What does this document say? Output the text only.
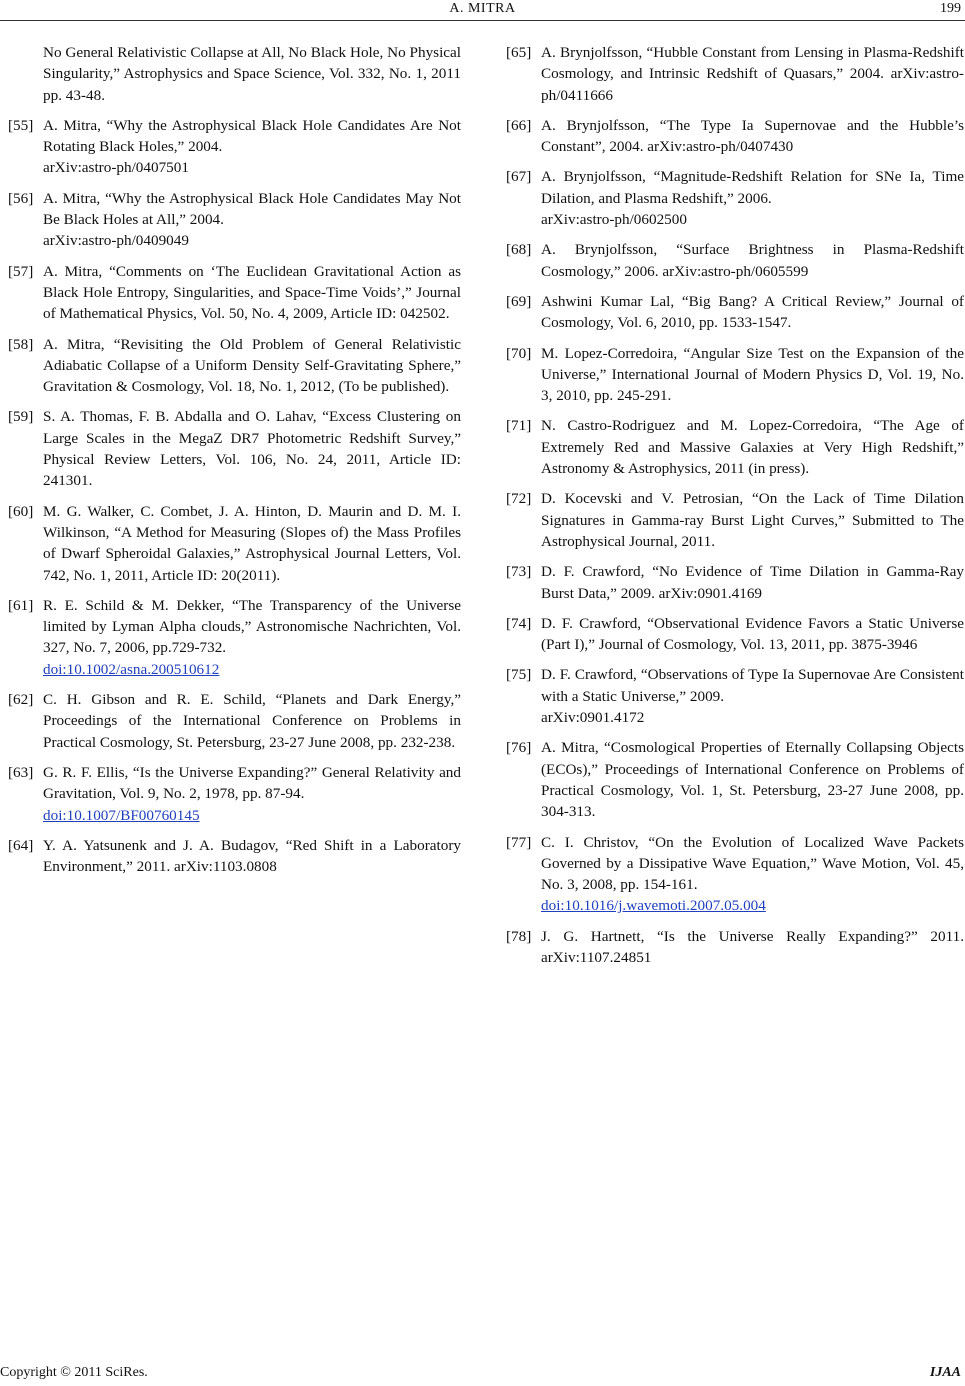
A. MITRA	199
No General Relativistic Collapse at All, No Black Hole, No Physical Singularity,” Astrophysics and Space Science, Vol. 332, No. 1, 2011 pp. 43-48.
[55] A. Mitra, “Why the Astrophysical Black Hole Candidates Are Not Rotating Black Holes,” 2004.
arXiv:astro-ph/0407501
[56] A. Mitra, “Why the Astrophysical Black Hole Candidates May Not Be Black Holes at All,” 2004.
arXiv:astro-ph/0409049
[57] A. Mitra, “Comments on ‘The Euclidean Gravitational Action as Black Hole Entropy, Singularities, and Space-Time Voids’,” Journal of Mathematical Physics, Vol. 50, No. 4, 2009, Article ID: 042502.
[58] A. Mitra, “Revisiting the Old Problem of General Relativistic Adiabatic Collapse of a Uniform Density Self-Gravitating Sphere,” Gravitation & Cosmology, Vol. 18, No. 1, 2012, (To be published).
[59] S. A. Thomas, F. B. Abdalla and O. Lahav, “Excess Clustering on Large Scales in the MegaZ DR7 Photometric Redshift Survey,” Physical Review Letters, Vol. 106, No. 24, 2011, Article ID: 241301.
[60] M. G. Walker, C. Combet, J. A. Hinton, D. Maurin and D. M. I. Wilkinson, “A Method for Measuring (Slopes of) the Mass Profiles of Dwarf Spheroidal Galaxies,” Astrophysical Journal Letters, Vol. 742, No. 1, 2011, Article ID: 20(2011).
[61] R. E. Schild & M. Dekker, “The Transparency of the Universe limited by Lyman Alpha clouds,” Astronomische Nachrichten, Vol. 327, No. 7, 2006, pp.729-732.
doi:10.1002/asna.200510612
[62] C. H. Gibson and R. E. Schild, “Planets and Dark Energy,” Proceedings of the International Conference on Problems in Practical Cosmology, St. Petersburg, 23-27 June 2008, pp. 232-238.
[63] G. R. F. Ellis, “Is the Universe Expanding?” General Relativity and Gravitation, Vol. 9, No. 2, 1978, pp. 87-94.
doi:10.1007/BF00760145
[64] Y. A. Yatsunenk and J. A. Budagov, “Red Shift in a Laboratory Environment,” 2011. arXiv:1103.0808
[65] A. Brynjolfsson, “Hubble Constant from Lensing in Plasma-Redshift Cosmology, and Intrinsic Redshift of Quasars,” 2004. arXiv:astro-ph/0411666
[66] A. Brynjolfsson, “The Type Ia Supernovae and the Hubble’s Constant”, 2004. arXiv:astro-ph/0407430
[67] A. Brynjolfsson, “Magnitude-Redshift Relation for SNe Ia, Time Dilation, and Plasma Redshift,” 2006.
arXiv:astro-ph/0602500
[68] A. Brynjolfsson, “Surface Brightness in Plasma-Redshift Cosmology,” 2006. arXiv:astro-ph/0605599
[69] Ashwini Kumar Lal, “Big Bang? A Critical Review,” Journal of Cosmology, Vol. 6, 2010, pp. 1533-1547.
[70] M. Lopez-Corredoira, “Angular Size Test on the Expansion of the Universe,” International Journal of Modern Physics D, Vol. 19, No. 3, 2010, pp. 245-291.
[71] N. Castro-Rodriguez and M. Lopez-Corredoira, “The Age of Extremely Red and Massive Galaxies at Very High Redshift,” Astronomy & Astrophysics, 2011 (in press).
[72] D. Kocevski and V. Petrosian, “On the Lack of Time Dilation Signatures in Gamma-ray Burst Light Curves,” Submitted to The Astrophysical Journal, 2011.
[73] D. F. Crawford, “No Evidence of Time Dilation in Gamma-Ray Burst Data,” 2009. arXiv:0901.4169
[74] D. F. Crawford, “Observational Evidence Favors a Static Universe (Part I),” Journal of Cosmology, Vol. 13, 2011, pp. 3875-3946
[75] D. F. Crawford, “Observations of Type Ia Supernovae Are Consistent with a Static Universe,” 2009.
arXiv:0901.4172
[76] A. Mitra, “Cosmological Properties of Eternally Collapsing Objects (ECOs),” Proceedings of International Conference on Problems of Practical Cosmology, Vol. 1, St. Petersburg, 23-27 June 2008, pp. 304-313.
[77] C. I. Christov, “On the Evolution of Localized Wave Packets Governed by a Dissipative Wave Equation,” Wave Motion, Vol. 45, No. 3, 2008, pp. 154-161.
doi:10.1016/j.wavemoti.2007.05.004
[78] J. G. Hartnett, “Is the Universe Really Expanding?” 2011. arXiv:1107.24851
Copyright © 2011 SciRes.	IJAA
